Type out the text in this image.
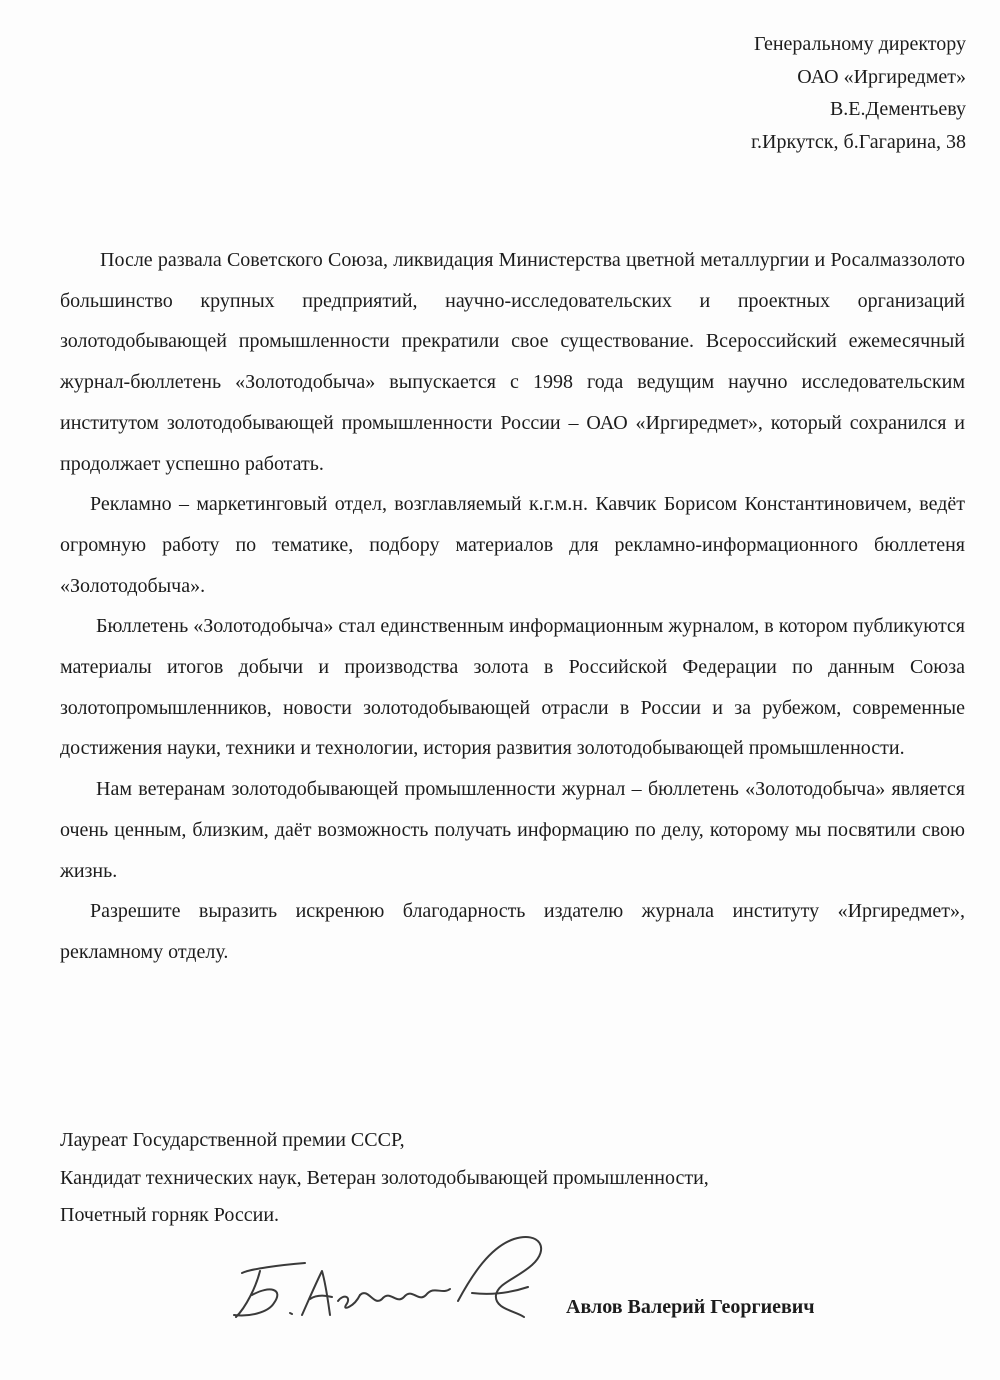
Генеральному директору
ОАО «Иргиредмет»
В.Е.Дементьеву
г.Иркутск, б.Гагарина, 38

После развала Советского Союза, ликвидация Министерства цветной металлургии и Росалмаззолото большинство крупных предприятий, научно-исследовательских и проектных организаций золотодобывающей промышленности прекратили свое существование. Всероссийский ежемесячный журнал-бюллетень «Золотодобыча» выпускается с 1998 года ведущим научно исследовательским институтом золотодобывающей промышленности России – ОАО «Иргиредмет», который сохранился и продолжает успешно работать.

Рекламно – маркетинговый отдел, возглавляемый к.г.м.н. Кавчик Борисом Константиновичем, ведёт огромную работу по тематике, подбору материалов для рекламно-информационного бюллетеня «Золотодобыча».

Бюллетень «Золотодобыча» стал единственным информационным журналом, в котором публикуются материалы итогов добычи и производства золота в Российской Федерации по данным Союза золотопромышленников, новости золотодобывающей отрасли в России и за рубежом, современные достижения науки, техники и технологии, история развития золотодобывающей промышленности.

Нам ветеранам золотодобывающей промышленности журнал – бюллетень «Золотодобыча» является очень ценным, близким, даёт возможность получать информацию по делу, которому мы посвятили свою жизнь.

Разрешите выразить искренюю благодарность издателю журнала институту «Иргиредмет», рекламному отделу.

Лауреат Государственной премии СССР,
Кандидат технических наук, Ветеран золотодобывающей промышленности,
Почетный горняк России.
Авлов Валерий Георгиевич
